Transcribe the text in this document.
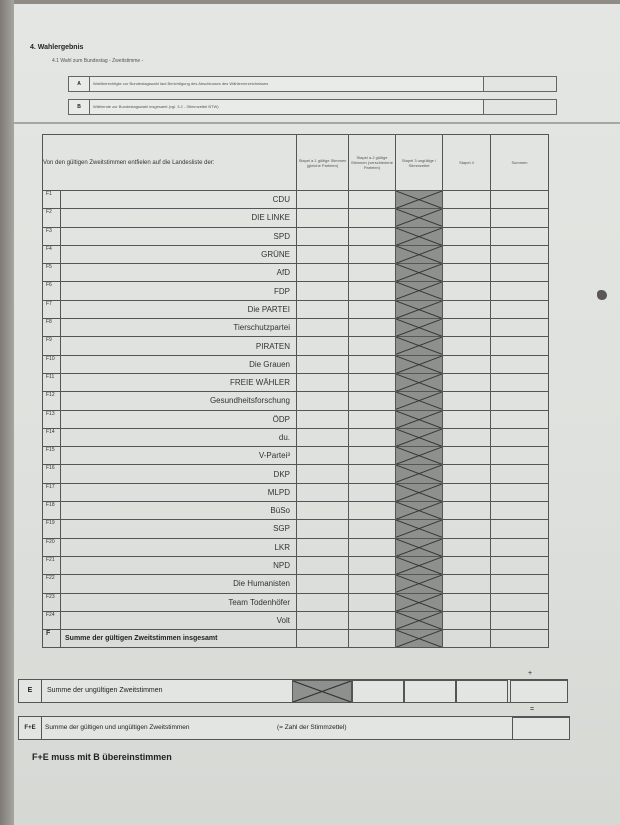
4. Wahlergebnis
4.1 Wahl zum Bundestag - Zweitstimme -
A	Wahlberechtigte zur Bundestagswahl laut Berichtigung des Abschlusses des Wählerverzeichnisses
B	Wählende zur Bundestagswahl insgesamt (vgl. 3.2 - Stimmzettel BTW)
Von den gültigen Zweitstimmen entfielen auf die Landesliste der:		Stapel a.1 gültige Stimmen (gleiche Parteien)	Stapel a.2 gültige Stimmen (verschiedene Parteien)	Stapel 3 ungültige / Stimmzettel	Stapel 4	Summen
F1	CDU			

F2	DIE LINKE			

F3	SPD			

F4	GRÜNE			

F5	AfD			

F6	FDP			

F7	Die PARTEI			

F8	Tierschutzpartei			

F9	PIRATEN			

F10	Die Grauen			

F11	FREIE WÄHLER			

F12	Gesundheitsforschung			

F13	ÖDP			

F14	du.			

F15	V-Partei³			

F16	DKP			

F17	MLPD			

F18	BüSo			

F19	SGP			

F20	LKR			

F21	NPD			

F22	Die Humanisten			

F23	Team Todenhöfer			

F24	Volt			

F	Summe der gültigen Zweitstimmen insgesamt			

+
E	Summe der ungültigen Zweitstimmen
=
F+E	Summe der gültigen und ungültigen Zweitstimmen	(= Zahl der Stimmzettel)
F+E muss mit B übereinstimmen
